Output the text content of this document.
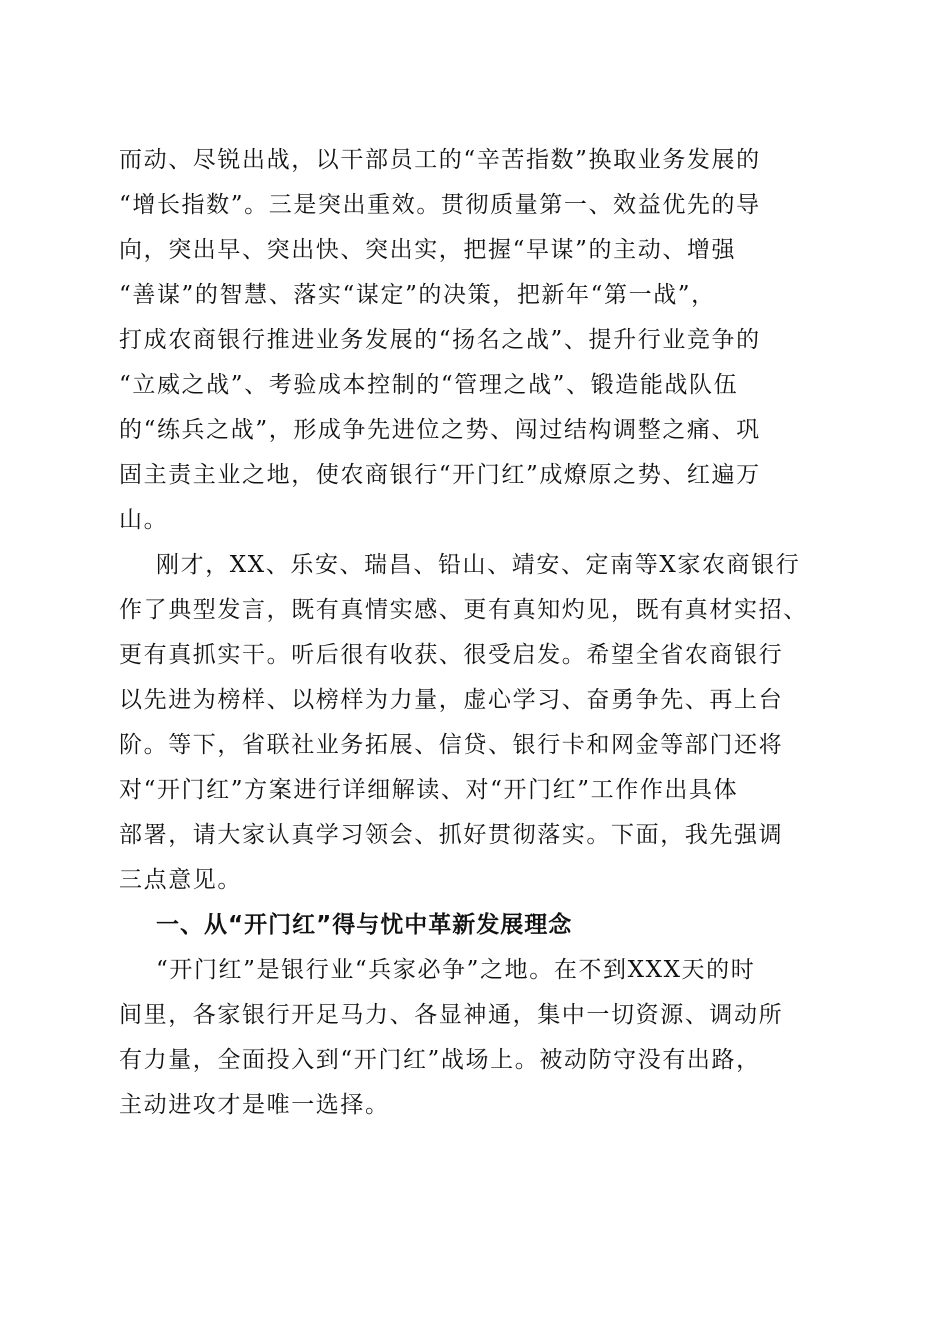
而动、尽锐出战，以干部员工的“辛苦指数”换取业务发展的
“增长指数”。三是突出重效。贯彻质量第一、效益优先的导
向，突出早、突出快、突出实，把握“早谋”的主动、增强
“善谋”的智慧、落实“谋定”的决策，把新年“第一战”，
打成农商银行推进业务发展的“扬名之战”、提升行业竞争的
“立威之战”、考验成本控制的“管理之战”、锻造能战队伍
的“练兵之战”，形成争先进位之势、闯过结构调整之痛、巩
固主责主业之地，使农商银行“开门红”成燎原之势、红遍万
山。
刚才，XX、乐安、瑞昌、铅山、靖安、定南等X家农商银行
作了典型发言，既有真情实感、更有真知灼见，既有真材实招、
更有真抓实干。听后很有收获、很受启发。希望全省农商银行
以先进为榜样、以榜样为力量，虚心学习、奋勇争先、再上台
阶。等下，省联社业务拓展、信贷、银行卡和网金等部门还将
对“开门红”方案进行详细解读、对“开门红”工作作出具体
部署，请大家认真学习领会、抓好贯彻落实。下面，我先强调
三点意见。
一、从“开门红”得与忧中革新发展理念
“开门红”是银行业“兵家必争”之地。在不到XXX天的时
间里，各家银行开足马力、各显神通，集中一切资源、调动所
有力量，全面投入到“开门红”战场上。被动防守没有出路，
主动进攻才是唯一选择。
